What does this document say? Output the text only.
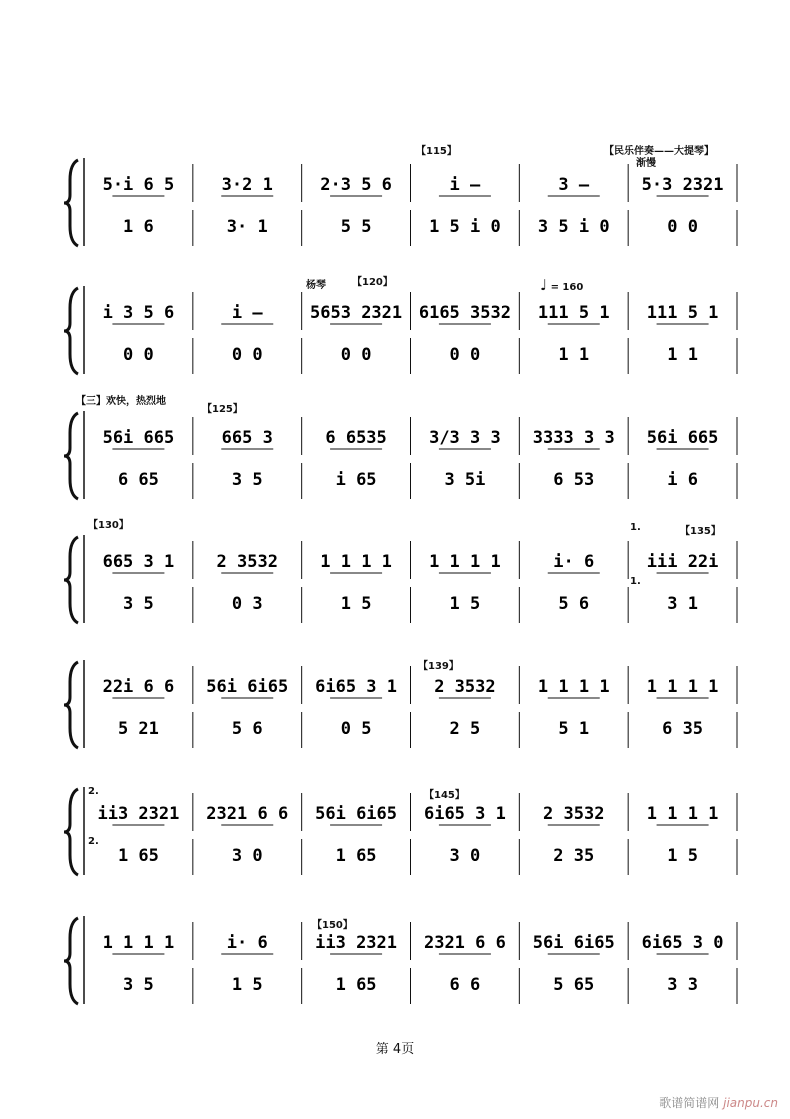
5·i 6 5
1 6
3·2 1
3· 1
2·3 5 6
5 5
i –
1 5 i 0
3 –
3 5 i 0
5·3 2321
0 0
i 3 5 6
0 0
i –
0 0
5653 2321
0 0
6165 3532
0 0
111 5 1
1 1
111 5 1
1 1
56i 665
6 65
665 3
3 5
6 6535
i 65
3/3 3 3
3 5i
3333 3 3
6 53
56i 665
i 6
665 3 1
3 5
2 3532
0 3
1 1 1 1
1 5
1 1 1 1
1 5
i· 6
5 6
iii 22i
3 1
22i 6 6
5 21
56i 6i65
5 6
6i65 3 1
0 5
2 3532
2 5
1 1 1 1
5 1
1 1 1 1
6 35
ii3 2321
1 65
2321 6 6
3 0
56i 6i65
1 65
6i65 3 1
3 0
2 3532
2 35
1 1 1 1
1 5
1 1 1 1
3 5
i· 6
1 5
ii3 2321
1 65
2321 6 6
6 6
56i 6i65
5 65
6i65 3 0
3 3
【115】	【民乐伴奏——大提琴】
渐慢
杨琴	【120】	♩ = 160
【三】欢快，热烈地
【125】
【130】
【135】
1.
1.
【139】
2.
2.
【145】
【150】
第 4页
歌谱简谱网 jianpu.cn
